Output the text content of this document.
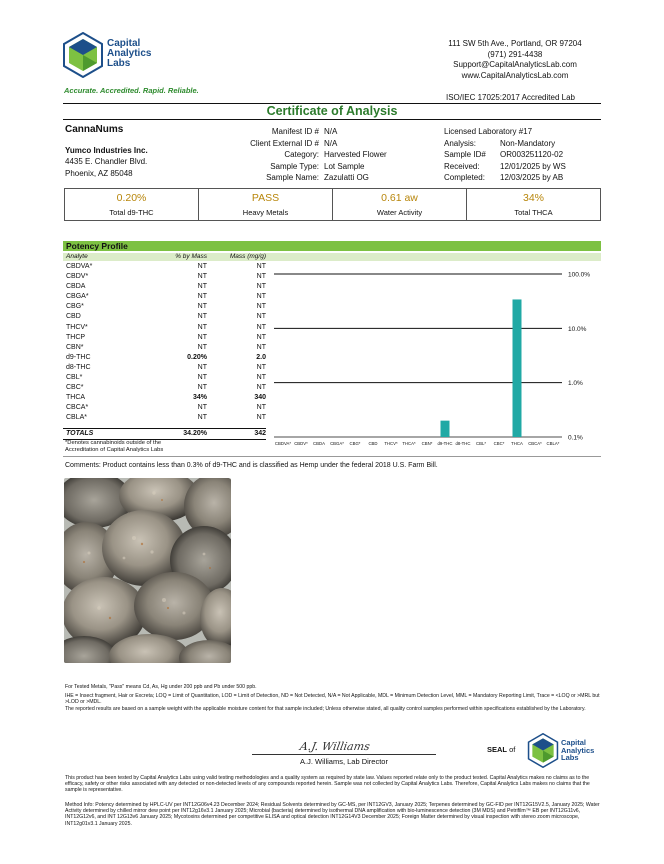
Capital
Analytics
Labs
Accurate. Accredited. Rapid. Reliable.
111 SW 5th Ave., Portland, OR 97204
(971) 291-4438
Support@CapitalAnalyticsLab.com
www.CapitalAnalyticsLab.com
ISO/IEC 17025:2017 Accredited Lab
Certificate of Analysis
CannaNums
Yumco Industries Inc.
4435 E. Chandler Blvd.
Phoenix, AZ 85048
Manifest ID # N/A
Client External ID # N/A
Category: Harvested Flower
Sample Type: Lot Sample
Sample Name: Zazulatti OG
Licensed Laboratory #17
Analysis:	Non-Mandatory
Sample ID#	OR003251120-02
Received:	12/01/2025 by WS
Completed:	12/03/2025 by AB
0.20%
Total d9-THC
PASS
Heavy Metals
0.61 aw
Water Activity
34%
Total THCA
Potency Profile
Analyte	% by Mass	Mass (mg/g)
CBDVA*	NT	NT
CBDV*	NT	NT
CBDA	NT	NT
CBGA*	NT	NT
CBG*	NT	NT
CBD	NT	NT
THCV*	NT	NT
THCP	NT	NT
CBN*	NT	NT
d9-THC	0.20%	2.0
d8-THC	NT	NT
CBL*	NT	NT
CBC*	NT	NT
THCA	34%	340
CBCA*	NT	NT
CBLA*	NT	NT
TOTALS	34.20%	342
*Denotes cannabinoids outside of the
Accreditation of Capital Analytics Labs
100.0%
10.0%
1.0%
0.1%
CBDVA* CBDV* CBDA CBGA* CBG* CBD THCV* THCA* CBN* d9-THC d8-THC CBL* CBC* THCA CBCA* CBLA*
Comments: Product contains less than 0.3% of d9-THC and is classified as Hemp under the federal 2018 U.S. Farm Bill.
For Tested Metals, "Pass" means Cd, As, Hg under 200 ppb and Pb under 500 ppb.
IHE = Insect fragment, Hair or Excreta; LOQ = Limit of Quantitation, LOD = Limit of Detection, ND = Not Detected, N/A = Not Applicable, MDL = Minimum Detection Level, MML = Mandatory Reporting Limit, Trace = <LOQ or >MRL but >LOD or >MDL.
The reported results are based on a sample weight with the applicable moisture content for that sample included; Unless otherwise stated, all quality control samples performed within specifications established by the Laboratory.
A.J. Williams
A.J. Williams, Lab Director
SEAL of
Capital
Analytics
Labs
This product has been tested by Capital Analytics Labs using valid testing methodologies and a quality system as required by state law. Values reported relate only to the product tested. Capital Analytics makes no claims as to the efficacy, safety or other risks associated with any detected or non-detected levels of any compounds reported herein. Sample was not collected by Capital Analytics Labs. Therefore, Capital Analytics Labs makes no claims that the sample is representative.
Method Info: Potency determined by HPLC-UV per INT12G06v4.23 December 2024; Residual Solvents determined by GC-MS, per INT12GV3, January 2025; Terpenes determined by GC-FID per INT12G15V2.5, January 2025; Water Activity determined by chilled mirror dew point per INT12g16v3.1 January 2025; Microbial (bacteria) determined by isothermal DNA amplification with bio-luminescence detection (3M MDS) and Petrifilm™ EB per INT12G11v6, INT12G12v6, and INT 12G13v6 January 2025; Mycotoxins determined per competitive ELISA and optical detection INT12G14V3 December 2025; Foreign Matter determined by visual inspection with stereo zoom microscope, INT12g01v3.1 January 2025.
